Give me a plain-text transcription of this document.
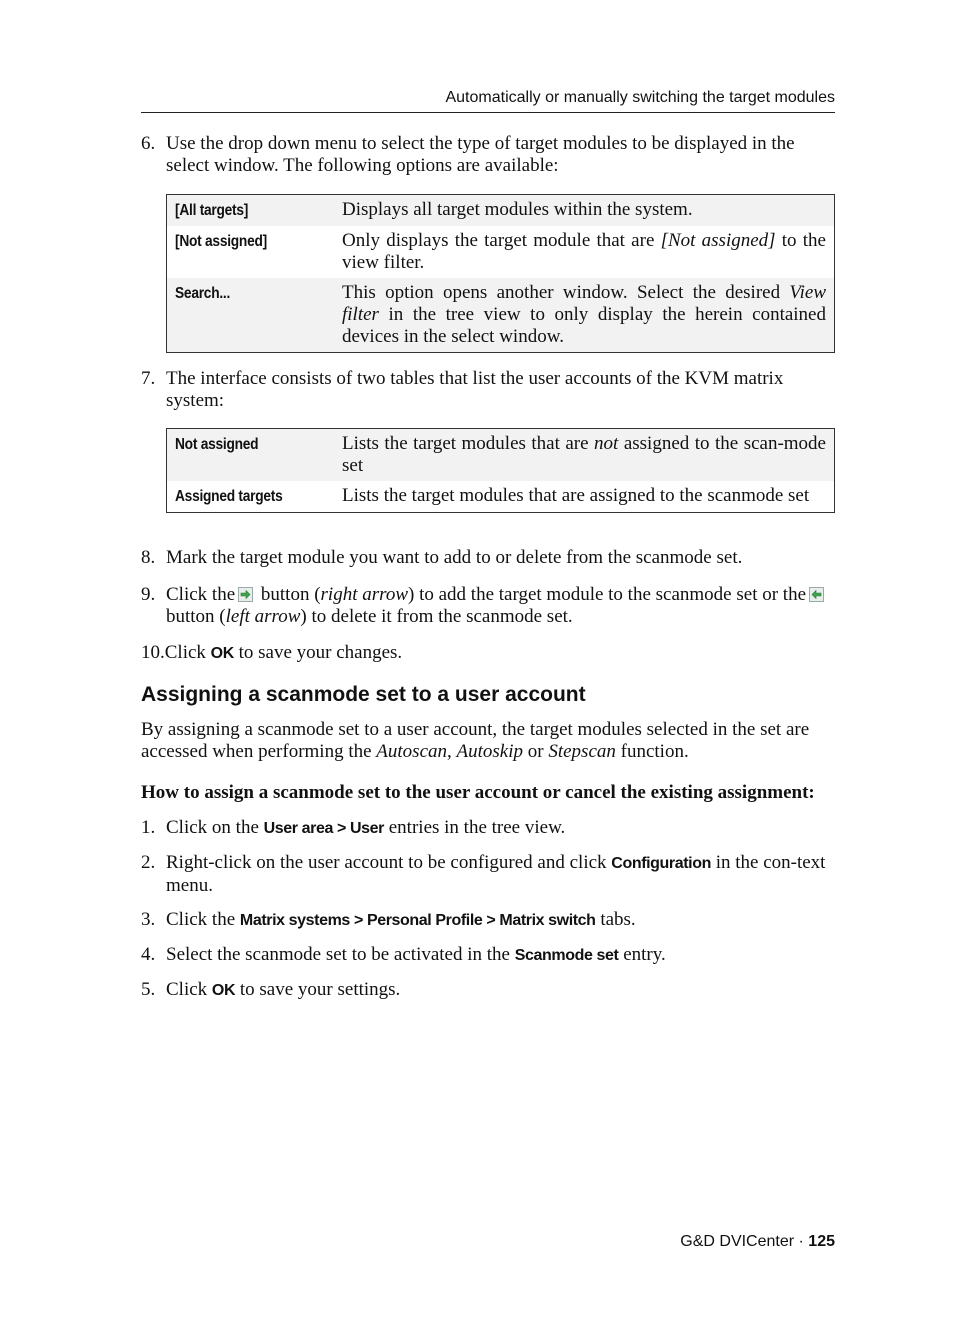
Automatically or manually switching the target modules
6. Use the drop down menu to select the type of target modules to be displayed in the select window. The following options are available:
[All targets]	Displays all target modules within the system.
[Not assigned]	Only displays the target module that are [Not assigned] to the view filter.
Search...	This option opens another window. Select the desired View filter in the tree view to only display the herein contained devices in the select window.
7. The interface consists of two tables that list the user accounts of the KVM matrix system:
Not assigned	Lists the target modules that are not assigned to the scan-mode set
Assigned targets	Lists the target modules that are assigned to the scanmode set
8. Mark the target module you want to add to or delete from the scanmode set.
9. Click the
button (right arrow) to add the target module to the scanmode set or the
button (left arrow) to delete it from the scanmode set.
10.Click OK to save your changes.
Assigning a scanmode set to a user account
By assigning a scanmode set to a user account, the target modules selected in the set are accessed when performing the Autoscan, Autoskip or Stepscan function.
How to assign a scanmode set to the user account or cancel the existing assignment:
1. Click on the User area > User entries in the tree view.
2. Right-click on the user account to be configured and click Configuration in the con-text menu.
3. Click the Matrix systems > Personal Profile > Matrix switch tabs.
4. Select the scanmode set to be activated in the Scanmode set entry.
5. Click OK to save your settings.
G&D DVICenter · 125
